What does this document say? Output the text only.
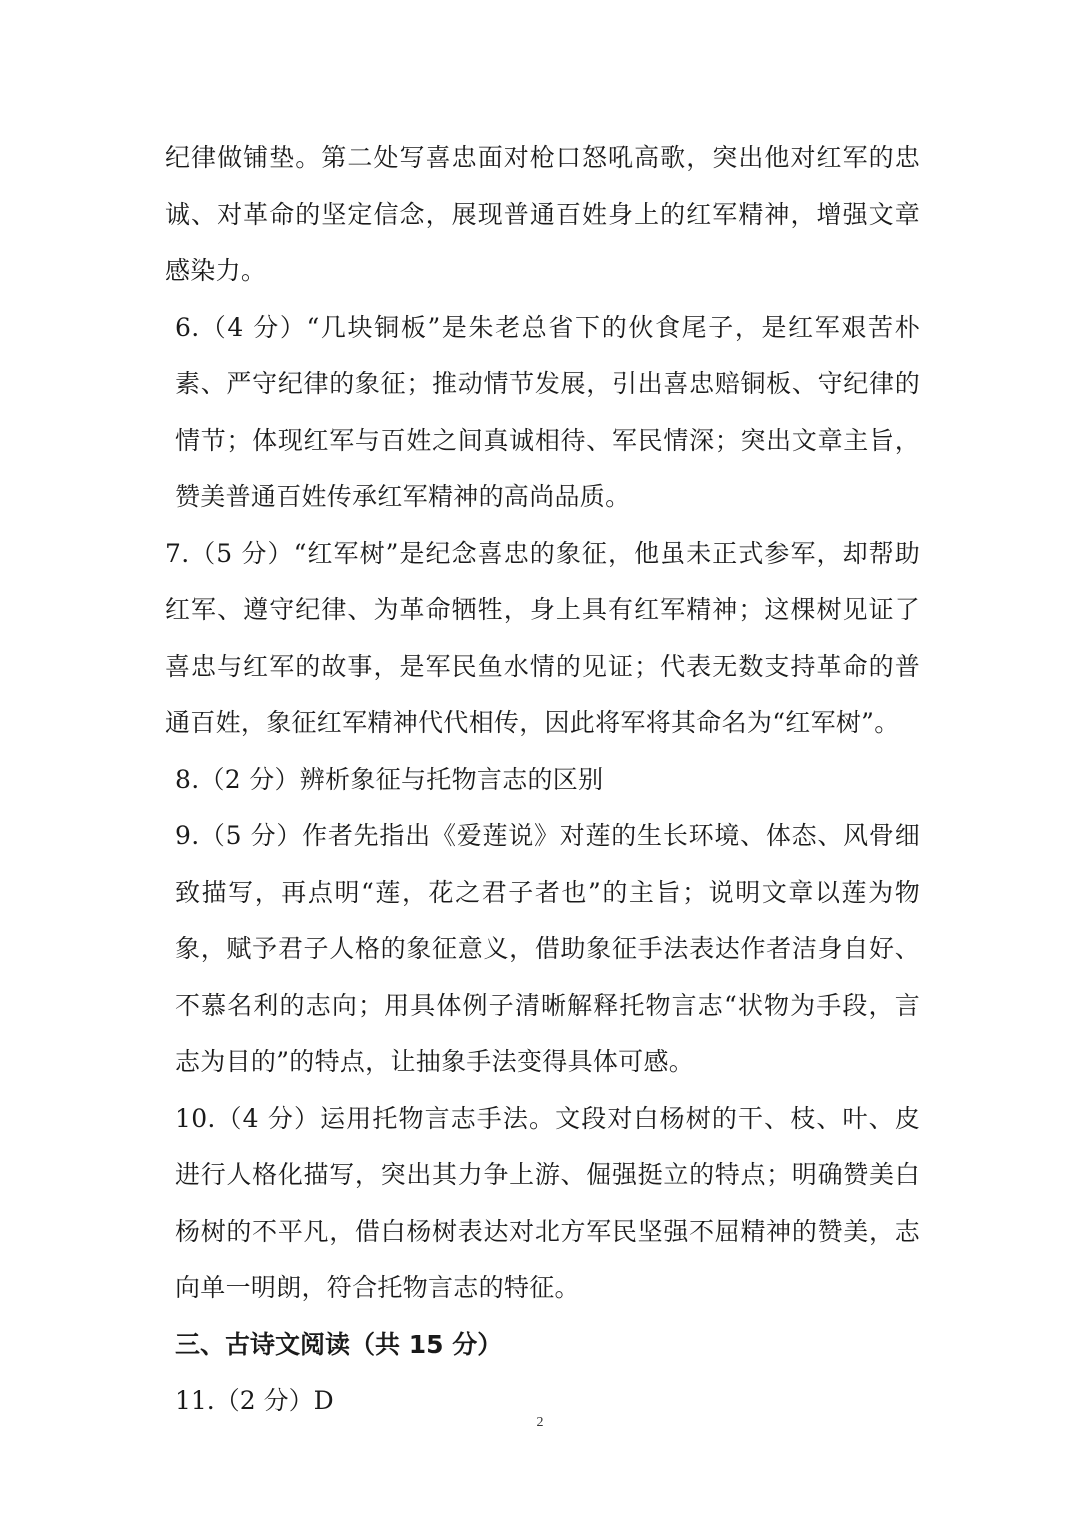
纪律做铺垫。第二处写喜忠面对枪口怒吼高歌，突出他对红军的忠诚、对革命的坚定信念，展现普通百姓身上的红军精神，增强文章感染力。

6.（4 分）“几块铜板”是朱老总省下的伙食尾子，是红军艰苦朴素、严守纪律的象征；推动情节发展，引出喜忠赔铜板、守纪律的情节；体现红军与百姓之间真诚相待、军民情深；突出文章主旨，赞美普通百姓传承红军精神的高尚品质。

7.（5 分）“红军树”是纪念喜忠的象征，他虽未正式参军，却帮助红军、遵守纪律、为革命牺牲，身上具有红军精神；这棵树见证了喜忠与红军的故事，是军民鱼水情的见证；代表无数支持革命的普通百姓，象征红军精神代代相传，因此将军将其命名为“红军树”。

8.（2 分）辨析象征与托物言志的区别

9.（5 分）作者先指出《爱莲说》对莲的生长环境、体态、风骨细致描写，再点明“莲，花之君子者也”的主旨；说明文章以莲为物象，赋予君子人格的象征意义，借助象征手法表达作者洁身自好、不慕名利的志向；用具体例子清晰解释托物言志“状物为手段，言志为目的”的特点，让抽象手法变得具体可感。

10.（4 分）运用托物言志手法。文段对白杨树的干、枝、叶、皮进行人格化描写，突出其力争上游、倔强挺立的特点；明确赞美白杨树的不平凡，借白杨树表达对北方军民坚强不屈精神的赞美，志向单一明朗，符合托物言志的特征。

三、古诗文阅读（共 15 分）

11.（2 分）D

2
